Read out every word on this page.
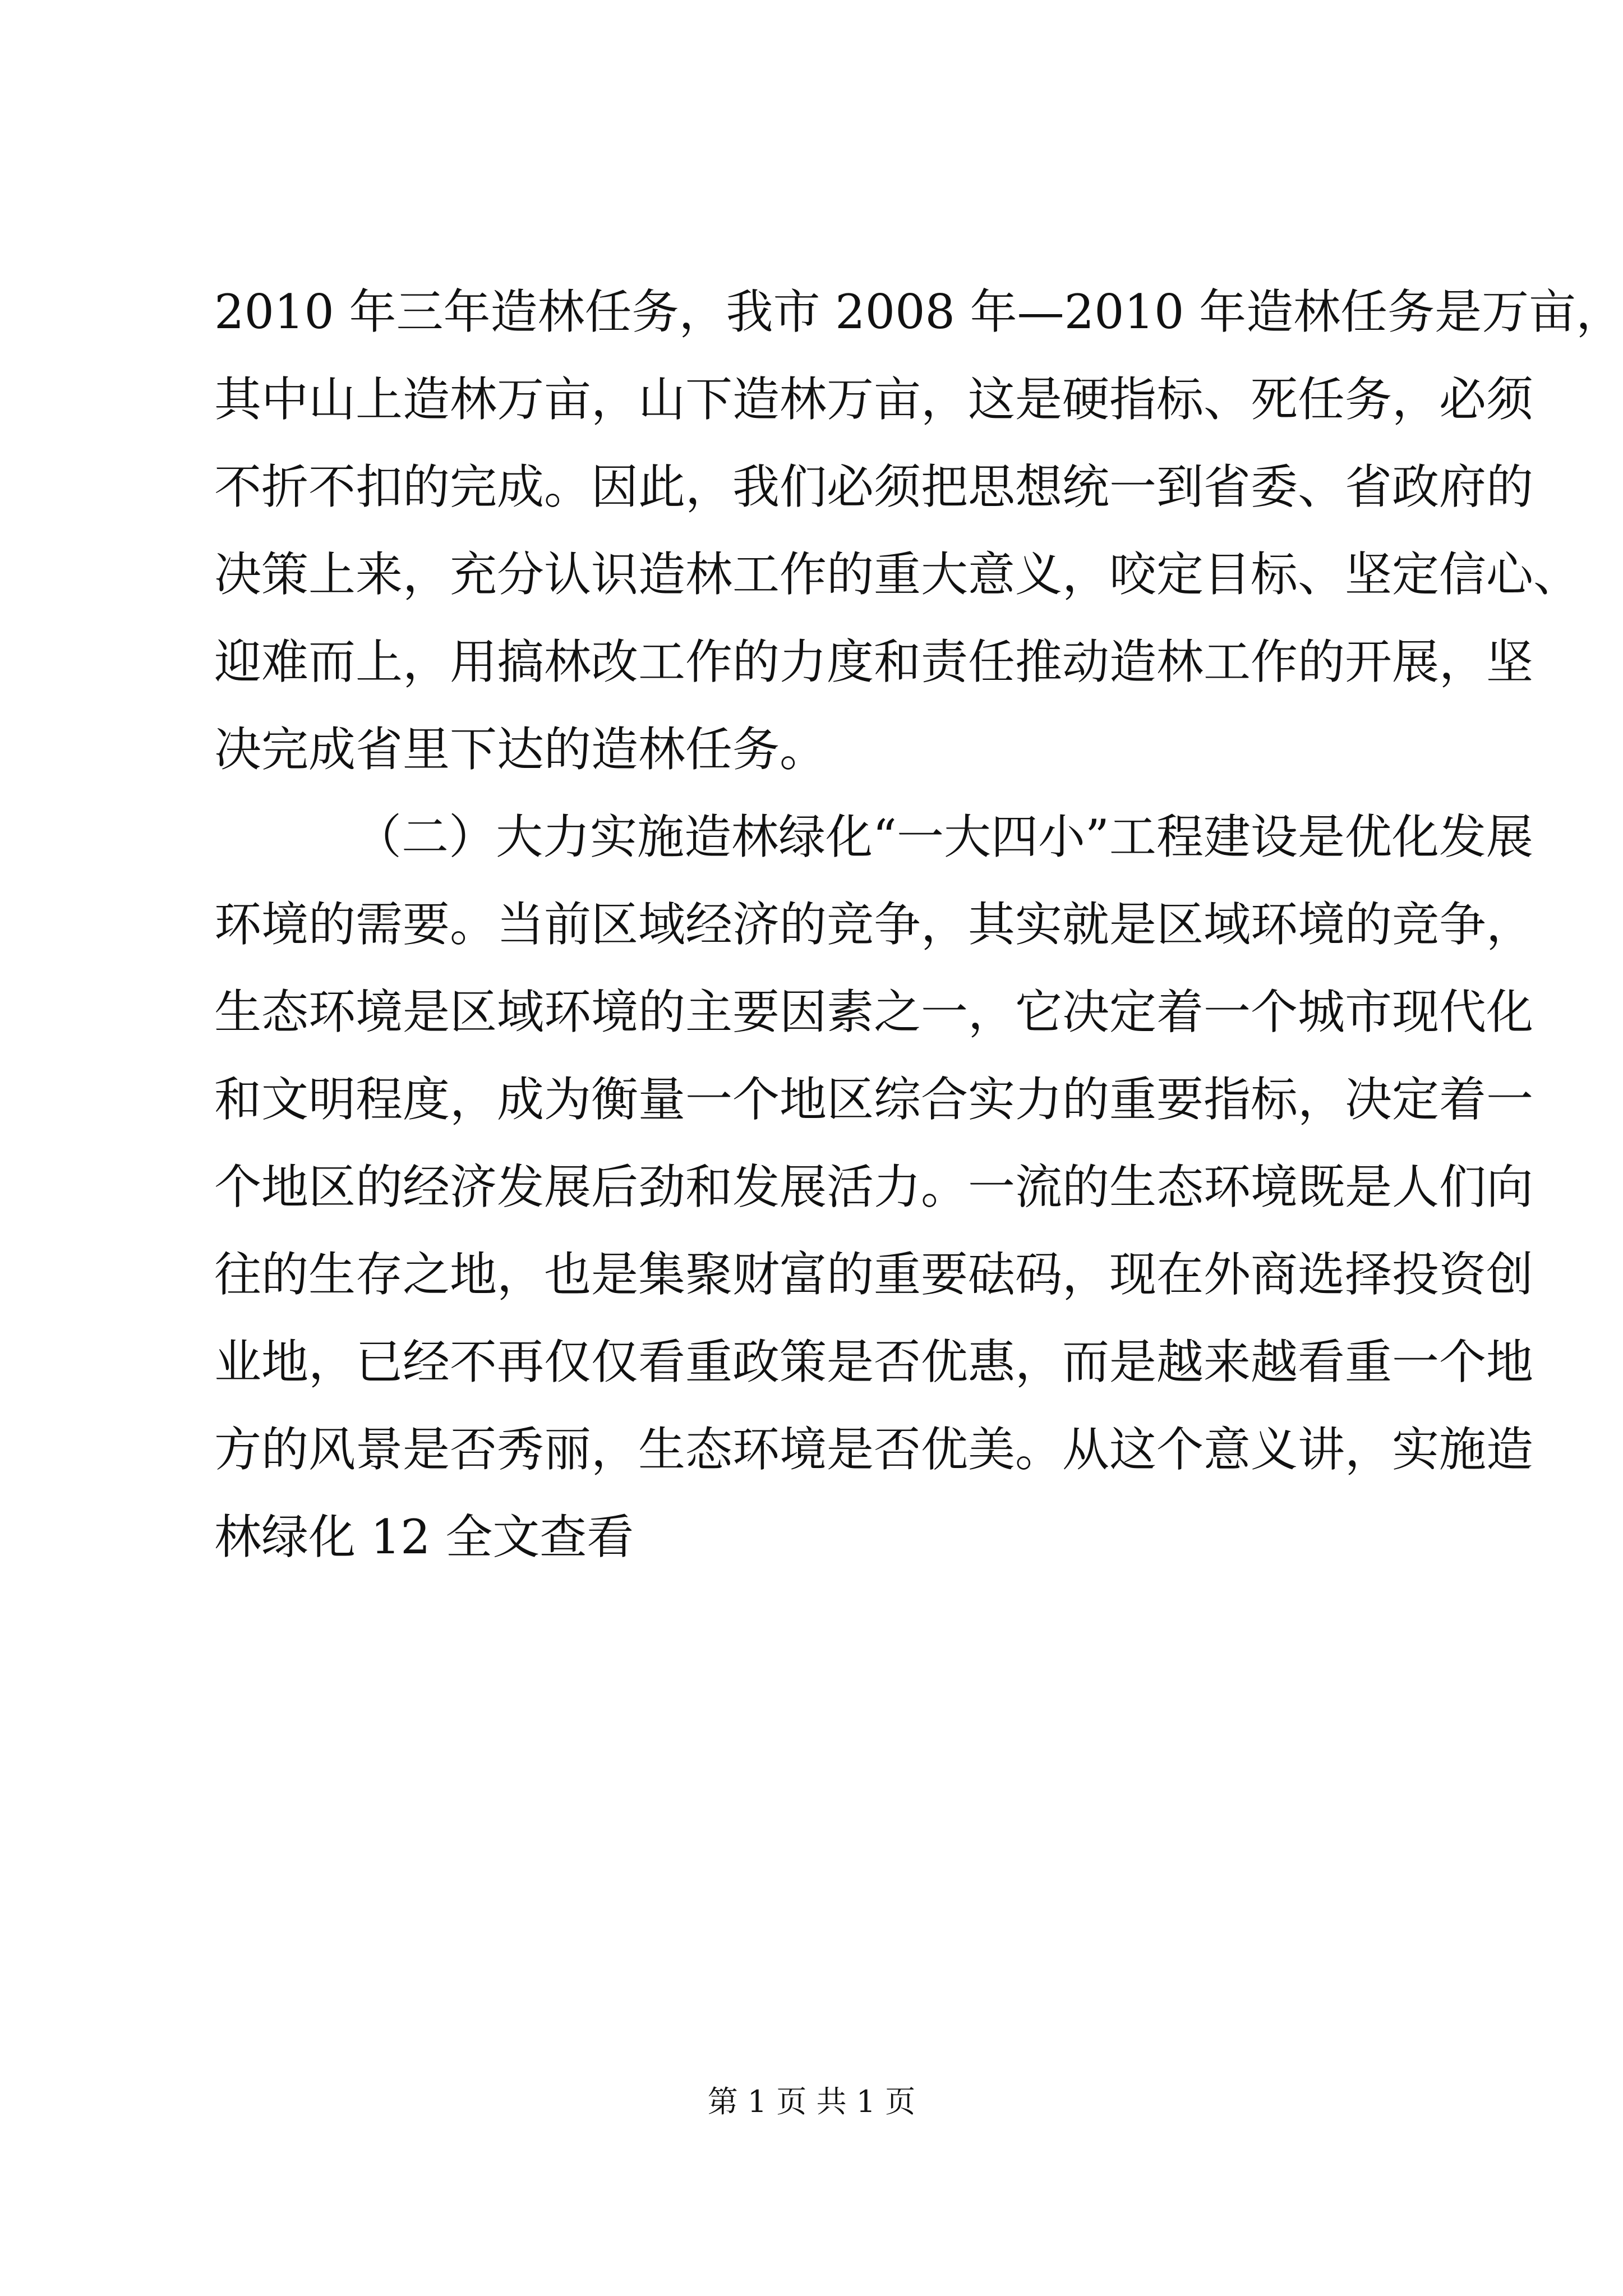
2010 年三年造林任务，我市 2008 年—2010 年造林任务是万亩，
其中山上造林万亩，山下造林万亩，这是硬指标、死任务，必须
不折不扣的完成。因此，我们必须把思想统一到省委、省政府的
决策上来，充分认识造林工作的重大意义，咬定目标、坚定信心、
迎难而上，用搞林改工作的力度和责任推动造林工作的开展，坚
决完成省里下达的造林任务。
（二）大力实施造林绿化“一大四小”工程建设是优化发展
环境的需要。当前区域经济的竞争，其实就是区域环境的竞争，
生态环境是区域环境的主要因素之一，它决定着一个城市现代化
和文明程度，成为衡量一个地区综合实力的重要指标，决定着一
个地区的经济发展后劲和发展活力。一流的生态环境既是人们向
往的生存之地，也是集聚财富的重要砝码，现在外商选择投资创
业地，已经不再仅仅看重政策是否优惠，而是越来越看重一个地
方的风景是否秀丽，生态环境是否优美。从这个意义讲，实施造
林绿化 12 全文查看
第 1 页 共 1 页
